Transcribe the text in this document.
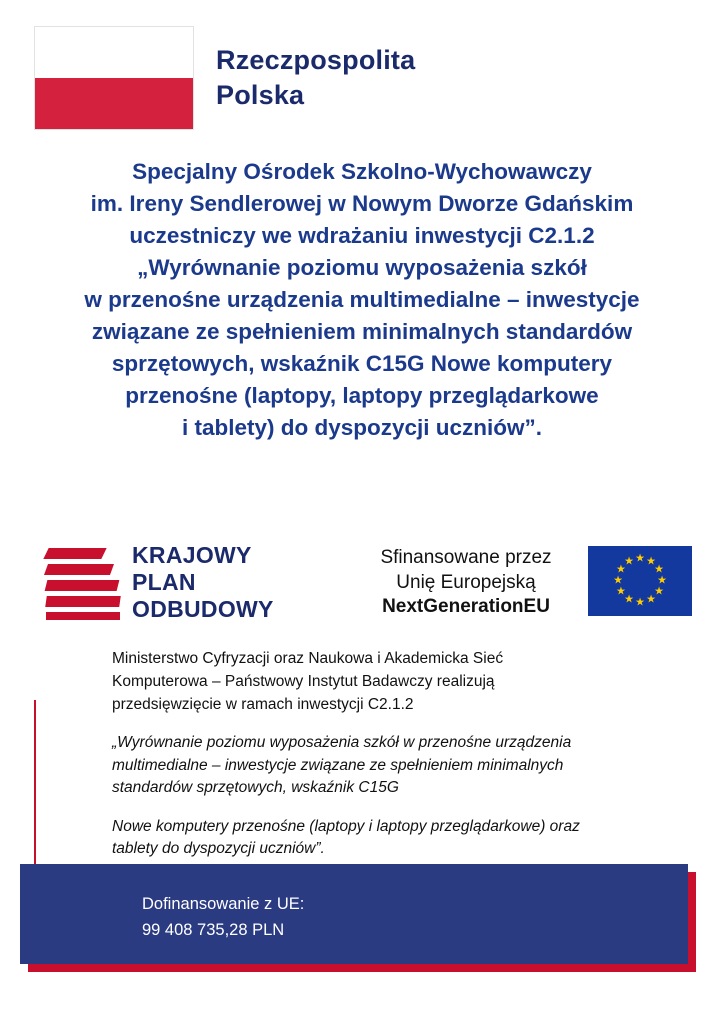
Rzeczpospolita
Polska
Specjalny Ośrodek Szkolno-Wychowawczy
im. Ireny Sendlerowej w Nowym Dworze Gdańskim
uczestniczy we wdrażaniu inwestycji C2.1.2
„Wyrównanie poziomu wyposażenia szkół
w przenośne urządzenia multimedialne – inwestycje
związane ze spełnieniem minimalnych standardów
sprzętowych, wskaźnik C15G Nowe komputery
przenośne (laptopy, laptopy przeglądarkowe
i tablety) do dyspozycji uczniów”.
KRAJOWY
PLAN
ODBUDOWY
Sfinansowane przez
Unię Europejską
NextGenerationEU
★ ★
★
★
★
★
★
★
★
★
★
★

Ministerstwo Cyfryzacji oraz Naukowa i Akademicka Sieć Komputerowa – Państwowy Instytut Badawczy realizują przedsięwzięcie w ramach inwestycji C2.1.2

„Wyrównanie poziomu wyposażenia szkół w przenośne urządzenia multimedialne – inwestycje związane ze spełnieniem minimalnych standardów sprzętowych, wskaźnik C15G

Nowe komputery przenośne (laptopy i laptopy przeglądarkowe) oraz tablety do dyspozycji uczniów”.

Dofinansowanie z UE:
99 408 735,28 PLN
